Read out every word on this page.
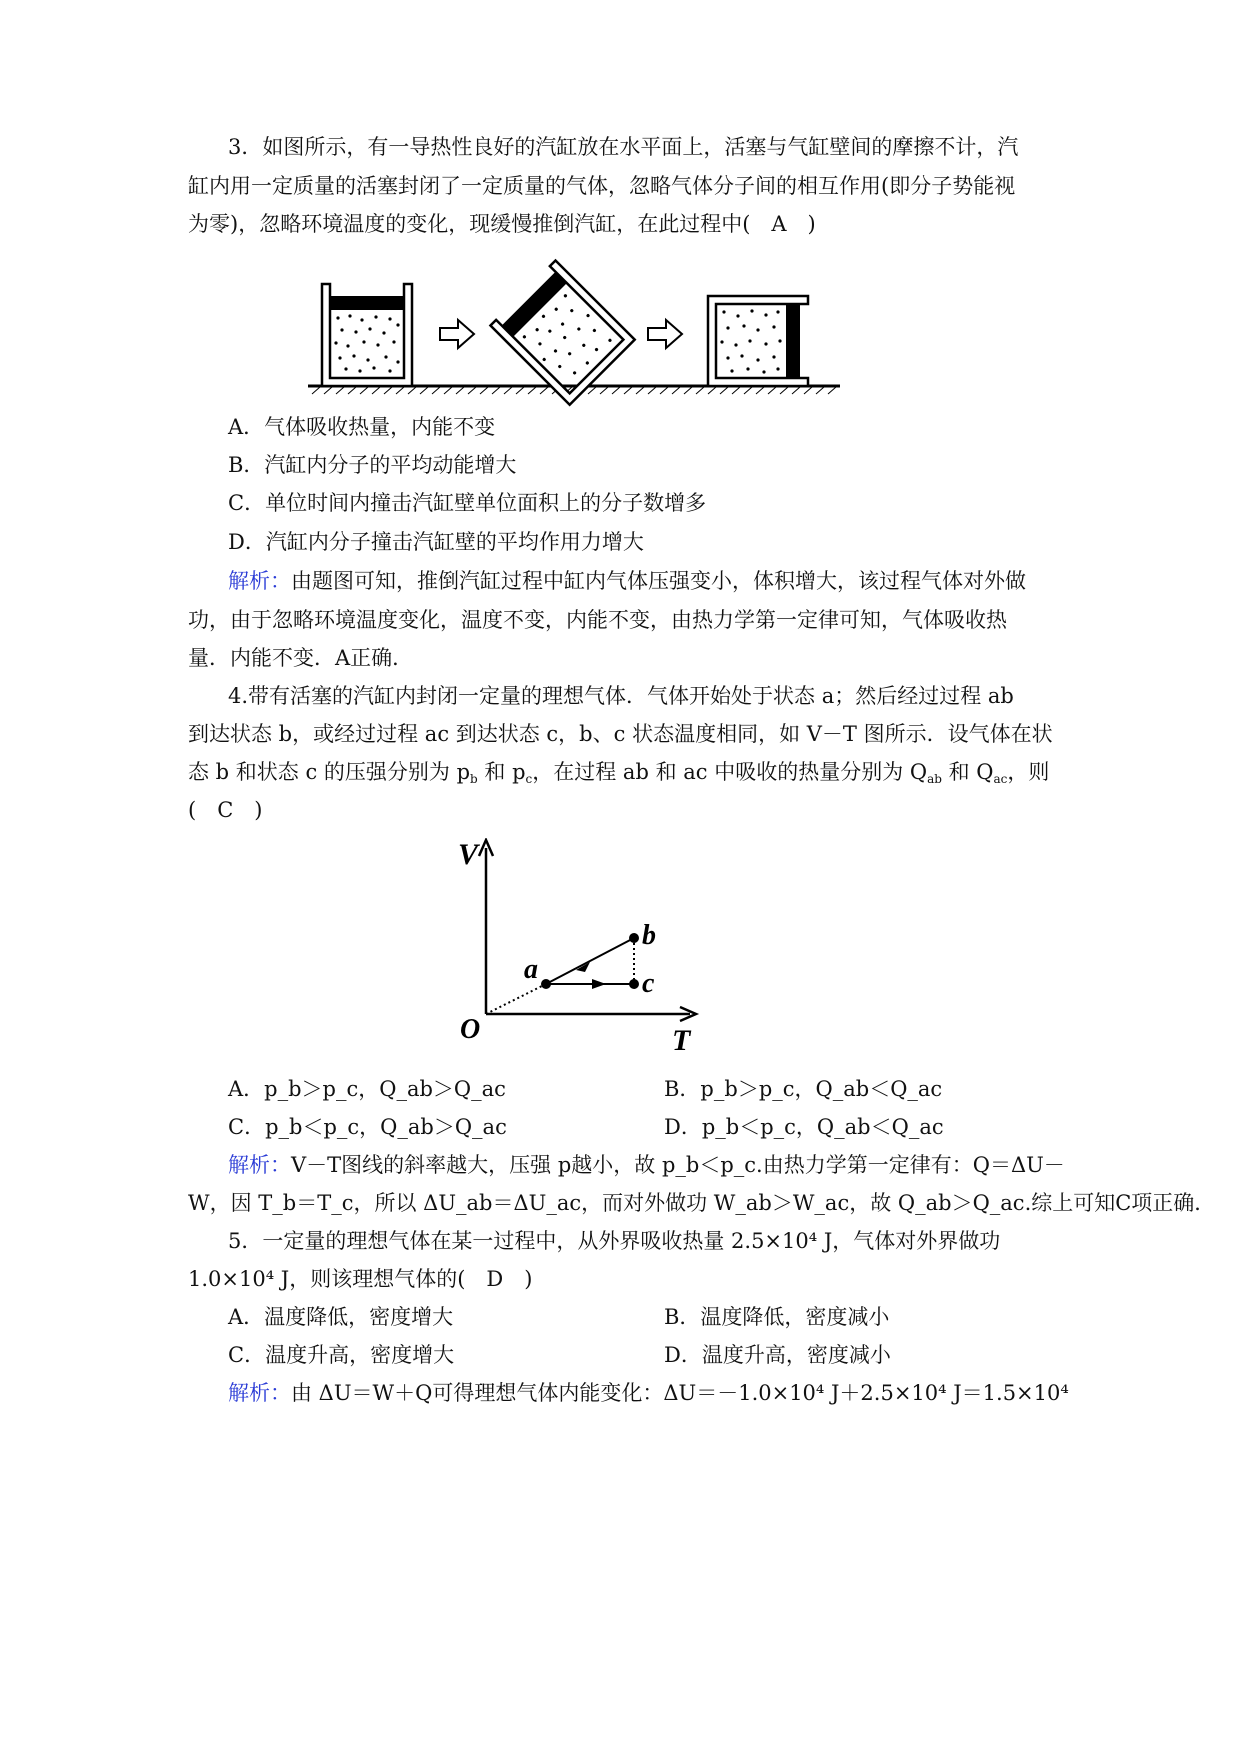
3．如图所示，有一导热性良好的汽缸放在水平面上，活塞与气缸壁间的摩擦不计，汽
缸内用一定质量的活塞封闭了一定质量的气体，忽略气体分子间的相互作用(即分子势能视
为零)，忽略环境温度的变化，现缓慢推倒汽缸，在此过程中(　A　)
A．气体吸收热量，内能不变
B．汽缸内分子的平均动能增大
C．单位时间内撞击汽缸壁单位面积上的分子数增多
D．汽缸内分子撞击汽缸壁的平均作用力增大
解析：由题图可知，推倒汽缸过程中缸内气体压强变小，体积增大，该过程气体对外做
功，由于忽略环境温度变化，温度不变，内能不变，由热力学第一定律可知，气体吸收热
量．内能不变．A正确．
4.带有活塞的汽缸内封闭一定量的理想气体．气体开始处于状态 a；然后经过过程 ab
到达状态 b，或经过过程 ac 到达状态 c，b、c 状态温度相同，如 V－T 图所示．设气体在状
态 b 和状态 c 的压强分别为 $p_b$ 和 $p_c$，在过程 ab 和 ac 中吸收的热量分别为 $Q_{ab}$ 和 $Q_{ac}$，则
(　C　)
V
T
O
a
b
c
A．p_b＞p_c，Q_ab＞Q_ac	B．p_b＞p_c，Q_ab＜Q_ac
C．p_b＜p_c，Q_ab＞Q_ac	D．p_b＜p_c，Q_ab＜Q_ac
解析：V－T图线的斜率越大，压强 p越小，故 p_b＜p_c.由热力学第一定律有：Q＝ΔU－
W，因 T_b＝T_c，所以 ΔU_ab＝ΔU_ac，而对外做功 W_ab＞W_ac，故 Q_ab＞Q_ac.综上可知C项正确．
5．一定量的理想气体在某一过程中，从外界吸收热量 2.5×10⁴ J，气体对外界做功
1.0×10⁴ J，则该理想气体的(　D　)
A．温度降低，密度增大	B．温度降低，密度减小
C．温度升高，密度增大	D．温度升高，密度减小
解析：由 ΔU＝W＋Q可得理想气体内能变化：ΔU＝－1.0×10⁴ J＋2.5×10⁴ J＝1.5×10⁴
